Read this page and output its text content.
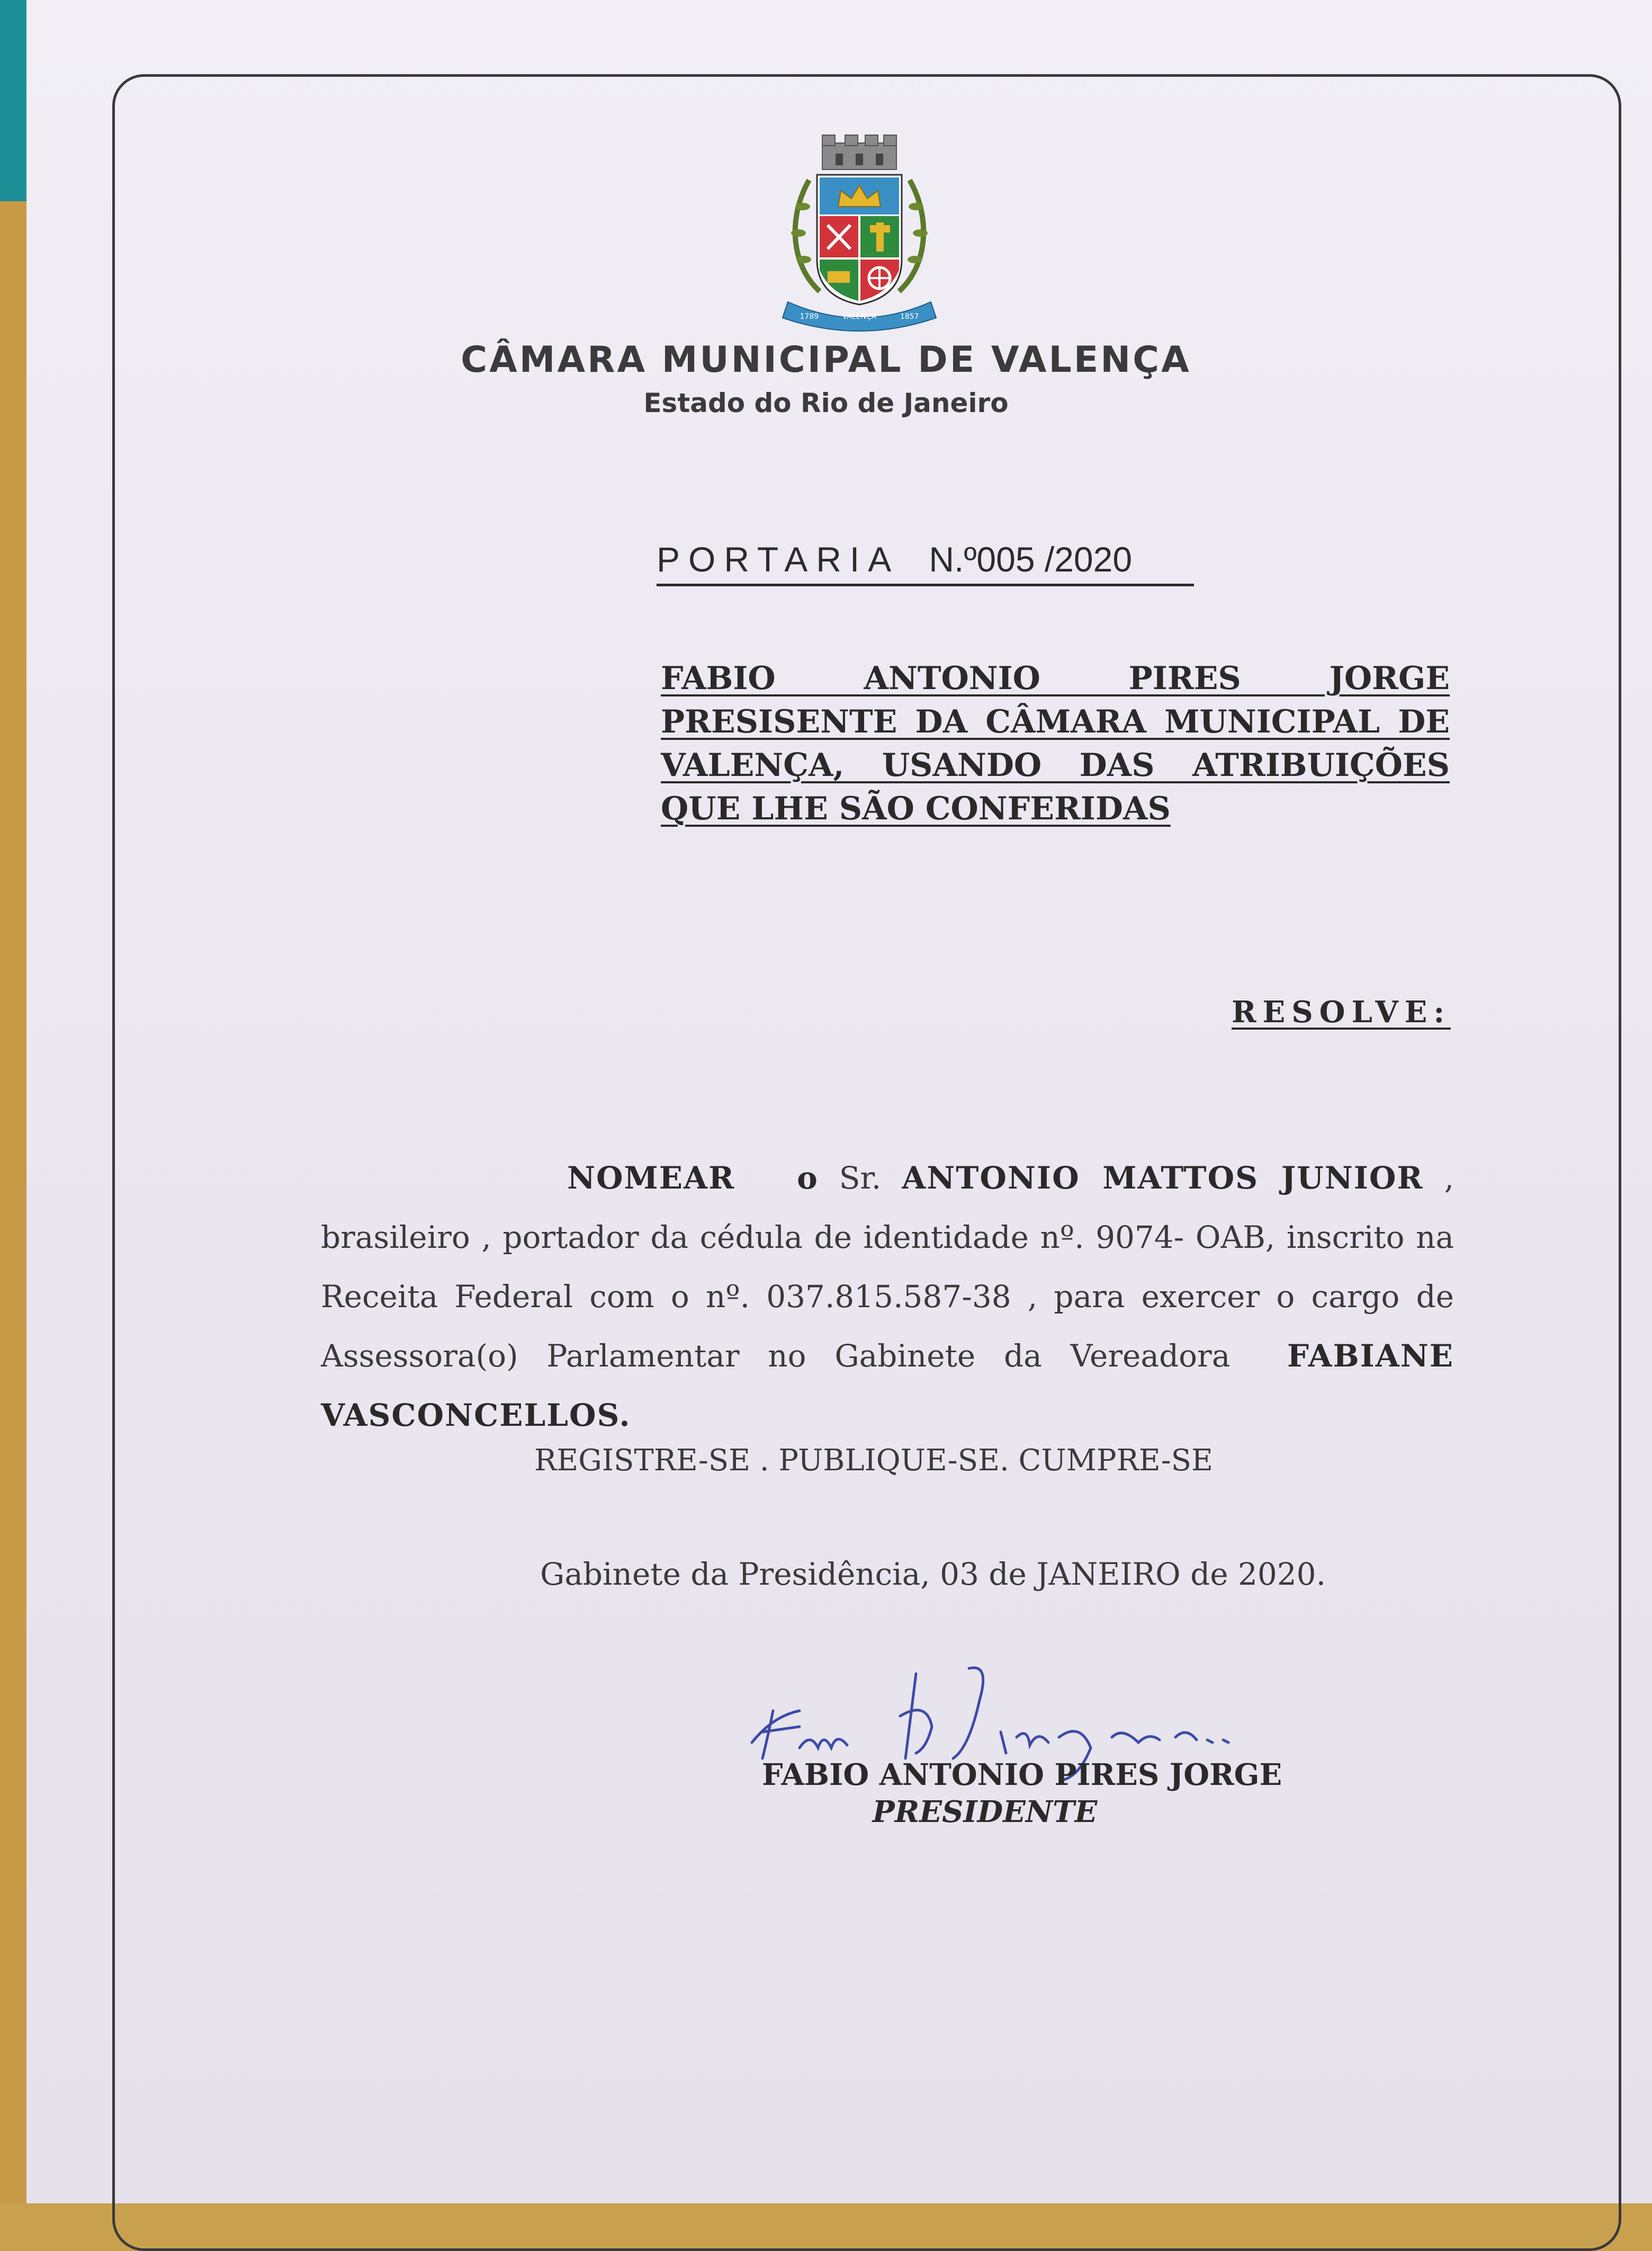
1789	VALENÇA	1857
CÂMARA MUNICIPAL DE VALENÇA
Estado do Rio de Janeiro
PORTARIA N.º005 /2020
FABIO ANTONIO PIRES JORGE PRESISENTE DA CÂMARA MUNICIPAL DE VALENÇA, USANDO DAS ATRIBUIÇÕES QUE LHE SÃO CONFERIDAS
RESOLVE:
NOMEAR o Sr. ANTONIO MATTOS JUNIOR , brasileiro , portador da cédula de identidade nº. 9074- OAB, inscrito na Receita Federal com o nº. 037.815.587-38 , para exercer o cargo de Assessora(o) Parlamentar no Gabinete da Vereadora FABIANE VASCONCELLOS.
REGISTRE-SE . PUBLIQUE-SE. CUMPRE-SE
Gabinete da Presidência, 03 de JANEIRO de 2020.
FABIO ANTONIO PIRES JORGE
PRESIDENTE
